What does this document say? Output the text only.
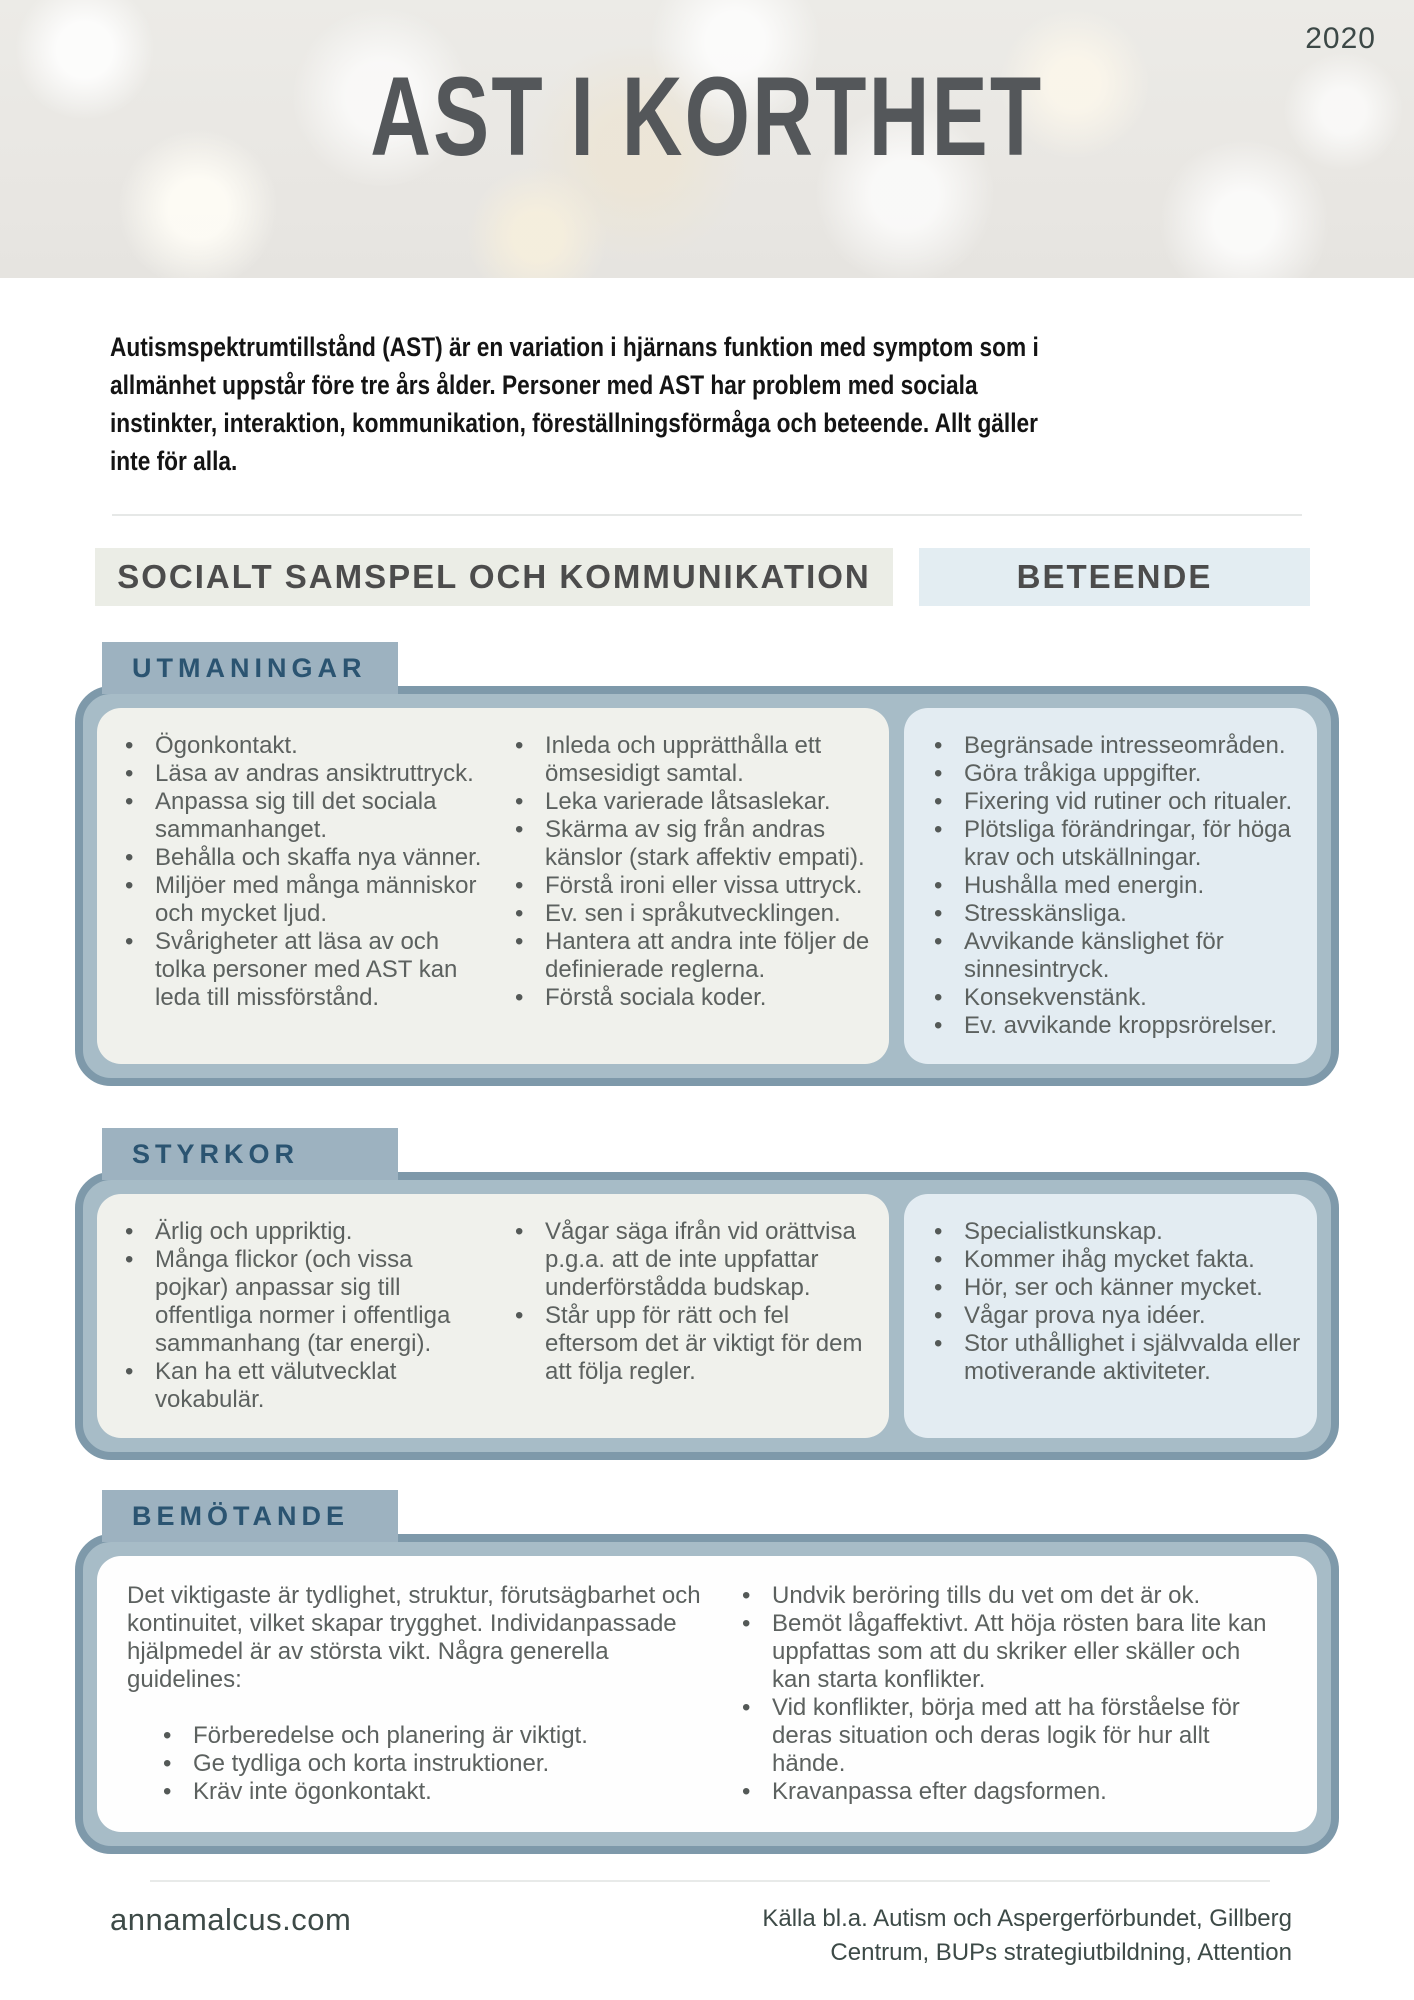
2020
AST I KORTHET

Autismspektrumtillstånd (AST) är en variation i hjärnans funktion med symptom som i allmänhet uppstår före tre års ålder. Personer med AST har problem med sociala instinkter, interaktion, kommunikation, föreställningsförmåga och beteende. Allt gäller inte för alla.

SOCIALT SAMSPEL OCH KOMMUNIKATION	BETEENDE
UTMANINGAR
• Ögonkontakt.
• Läsa av andras ansiktruttryck.
• Anpassa sig till det sociala sammanhanget.
• Behålla och skaffa nya vänner.
• Miljöer med många människor och mycket ljud.
• Svårigheter att läsa av och tolka personer med AST kan leda till missförstånd.
• Inleda och upprätthålla ett ömsesidigt samtal.
• Leka varierade låtsaslekar.
• Skärma av sig från andras känslor (stark affektiv empati).
• Förstå ironi eller vissa uttryck.
• Ev. sen i språkutvecklingen.
• Hantera att andra inte följer de definierade reglerna.
• Förstå sociala koder.
• Begränsade intresseområden.
• Göra tråkiga uppgifter.
• Fixering vid rutiner och ritualer.
• Plötsliga förändringar, för höga krav och utskällningar.
• Hushålla med energin.
• Stresskänsliga.
• Avvikande känslighet för sinnesintryck.
• Konsekvenstänk.
• Ev. avvikande kroppsrörelser.
STYRKOR
• Ärlig och uppriktig.
• Många flickor (och vissa pojkar) anpassar sig till offentliga normer i offentliga sammanhang (tar energi).
• Kan ha ett välutvecklat vokabulär.
• Vågar säga ifrån vid orättvisa p.g.a. att de inte uppfattar underförstådda budskap.
• Står upp för rätt och fel eftersom det är viktigt för dem att följa regler.
• Specialistkunskap.
• Kommer ihåg mycket fakta.
• Hör, ser och känner mycket.
• Vågar prova nya idéer.
• Stor uthållighet i självvalda eller motiverande aktiviteter.
BEMÖTANDE

Det viktigaste är tydlighet, struktur, förutsägbarhet och kontinuitet, vilket skapar trygghet. Individanpassade hjälpmedel är av största vikt. Några generella guidelines:

• Förberedelse och planering är viktigt.
• Ge tydliga och korta instruktioner.
• Kräv inte ögonkontakt.
• Undvik beröring tills du vet om det är ok.
• Bemöt lågaffektivt. Att höja rösten bara lite kan uppfattas som att du skriker eller skäller och kan starta konflikter.
• Vid konflikter, börja med att ha förståelse för deras situation och deras logik för hur allt hände.
• Kravanpassa efter dagsformen.
annamalcus.com	Källa bl.a. Autism och Aspergerförbundet, Gillberg Centrum, BUPs strategiutbildning, Attention
